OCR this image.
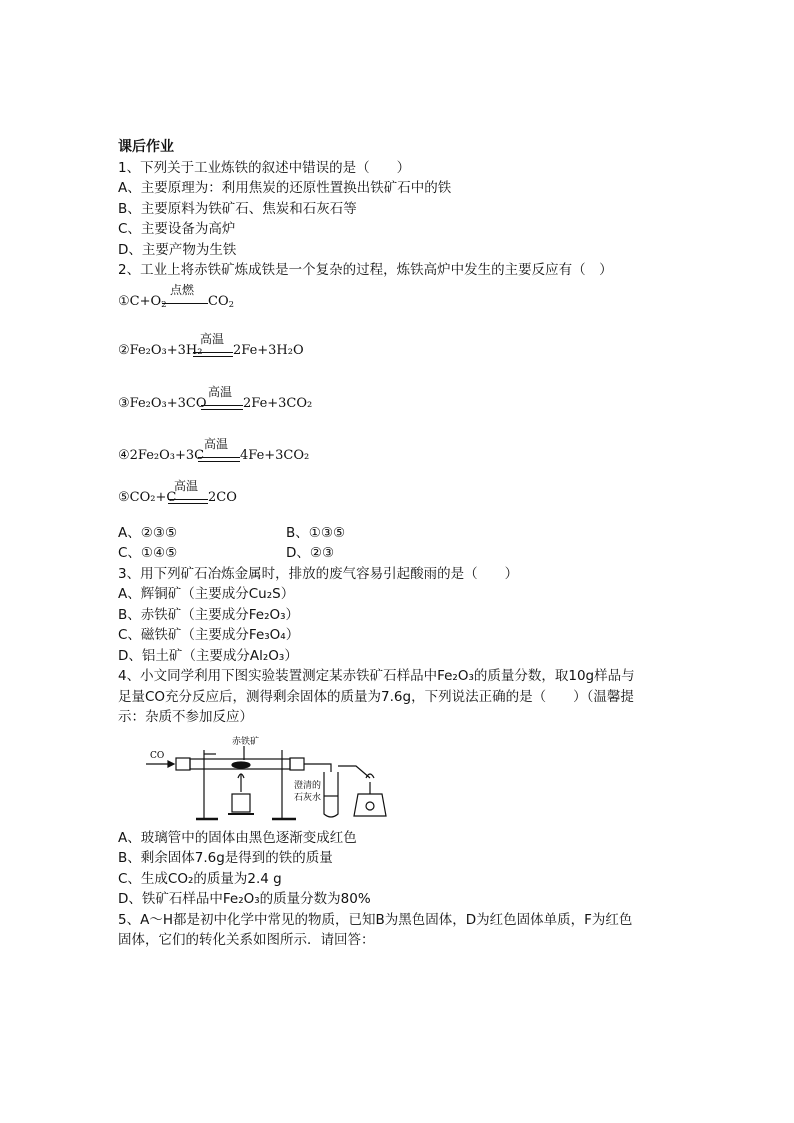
课后作业
1、下列关于工业炼铁的叙述中错误的是（　　）
A、主要原理为：利用焦炭的还原性置换出铁矿石中的铁
B、主要原料为铁矿石、焦炭和石灰石等
C、主要设备为高炉
D、主要产物为生铁
2、工业上将赤铁矿炼成铁是一个复杂的过程，炼铁高炉中发生的主要反应有（　）
$①C+O_2$
点燃
$CO_2$
②Fe₂O₃+3H₂
高温
2Fe+3H₂O
③Fe₂O₃+3CO
高温
2Fe+3CO₂
④2Fe₂O₃+3C
高温
4Fe+3CO₂
⑤CO₂+C
高温
2CO
A、②③⑤	B、①③⑤
C、①④⑤	D、②③
3、用下列矿石冶炼金属时，排放的废气容易引起酸雨的是（　　）
A、辉铜矿（主要成分Cu₂S）
B、赤铁矿（主要成分Fe₂O₃）
C、磁铁矿（主要成分Fe₃O₄）
D、铝土矿（主要成分Al₂O₃）
4、小文同学利用下图实验装置测定某赤铁矿石样品中Fe₂O₃的质量分数，取10g样品与
足量CO充分反应后，测得剩余固体的质量为7.6g，下列说法正确的是（　　）（温馨提
示：杂质不参加反应）
CO
赤铁矿
澄清的
石灰水
A、玻璃管中的固体由黑色逐渐变成红色
B、剩余固体7.6g是得到的铁的质量
C、生成CO₂的质量为2.4 g
D、铁矿石样品中Fe₂O₃的质量分数为80%
5、A～H都是初中化学中常见的物质，已知B为黑色固体，D为红色固体单质，F为红色
固体，它们的转化关系如图所示．请回答：
